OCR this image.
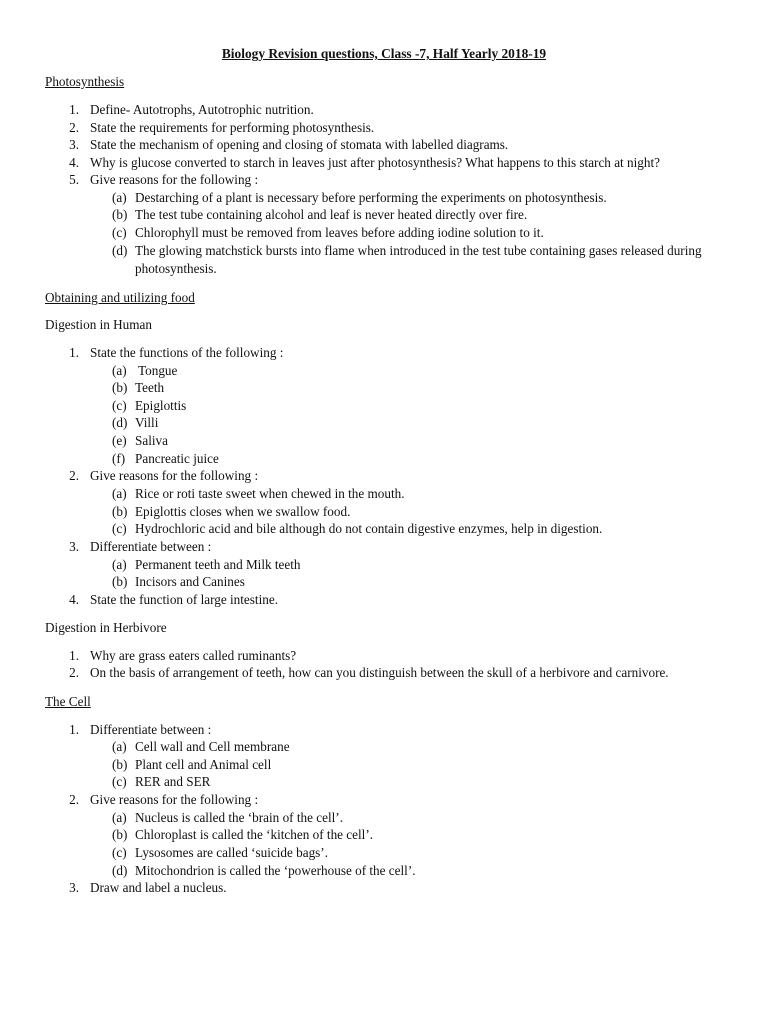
Biology Revision questions, Class -7, Half Yearly 2018-19
Photosynthesis
1. Define- Autotrophs, Autotrophic nutrition.
2. State the requirements for performing photosynthesis.
3. State the mechanism of opening and closing of stomata with labelled diagrams.
4. Why is glucose converted to starch in leaves just after photosynthesis? What happens to this starch at night?
5. Give reasons for the following :
(a) Destarching of a plant is necessary before performing the experiments on photosynthesis.
(b) The test tube containing alcohol and leaf is never heated directly over fire.
(c) Chlorophyll must be removed from leaves before adding iodine solution to it.
(d) The glowing matchstick bursts into flame when introduced in the test tube containing gases released during photosynthesis.
Obtaining and utilizing food
Digestion in Human
1. State the functions of the following :
(a) Tongue
(b) Teeth
(c) Epiglottis
(d) Villi
(e) Saliva
(f) Pancreatic juice
2. Give reasons for the following :
(a) Rice or roti taste sweet when chewed in the mouth.
(b) Epiglottis closes when we swallow food.
(c) Hydrochloric acid and bile although do not contain digestive enzymes, help in digestion.
3. Differentiate between :
(a) Permanent teeth and Milk teeth
(b) Incisors and Canines
4. State the function of large intestine.
Digestion in Herbivore
1. Why are grass eaters called ruminants?
2. On the basis of arrangement of teeth, how can you distinguish between the skull of a herbivore and carnivore.
The Cell
1. Differentiate between :
(a) Cell wall and Cell membrane
(b) Plant cell and Animal cell
(c) RER and SER
2. Give reasons for the following :
(a) Nucleus is called the ‘brain of the cell’.
(b) Chloroplast is called the ‘kitchen of the cell’.
(c) Lysosomes are called ‘suicide bags’.
(d) Mitochondrion is called the ‘powerhouse of the cell’.
3. Draw and label a nucleus.
